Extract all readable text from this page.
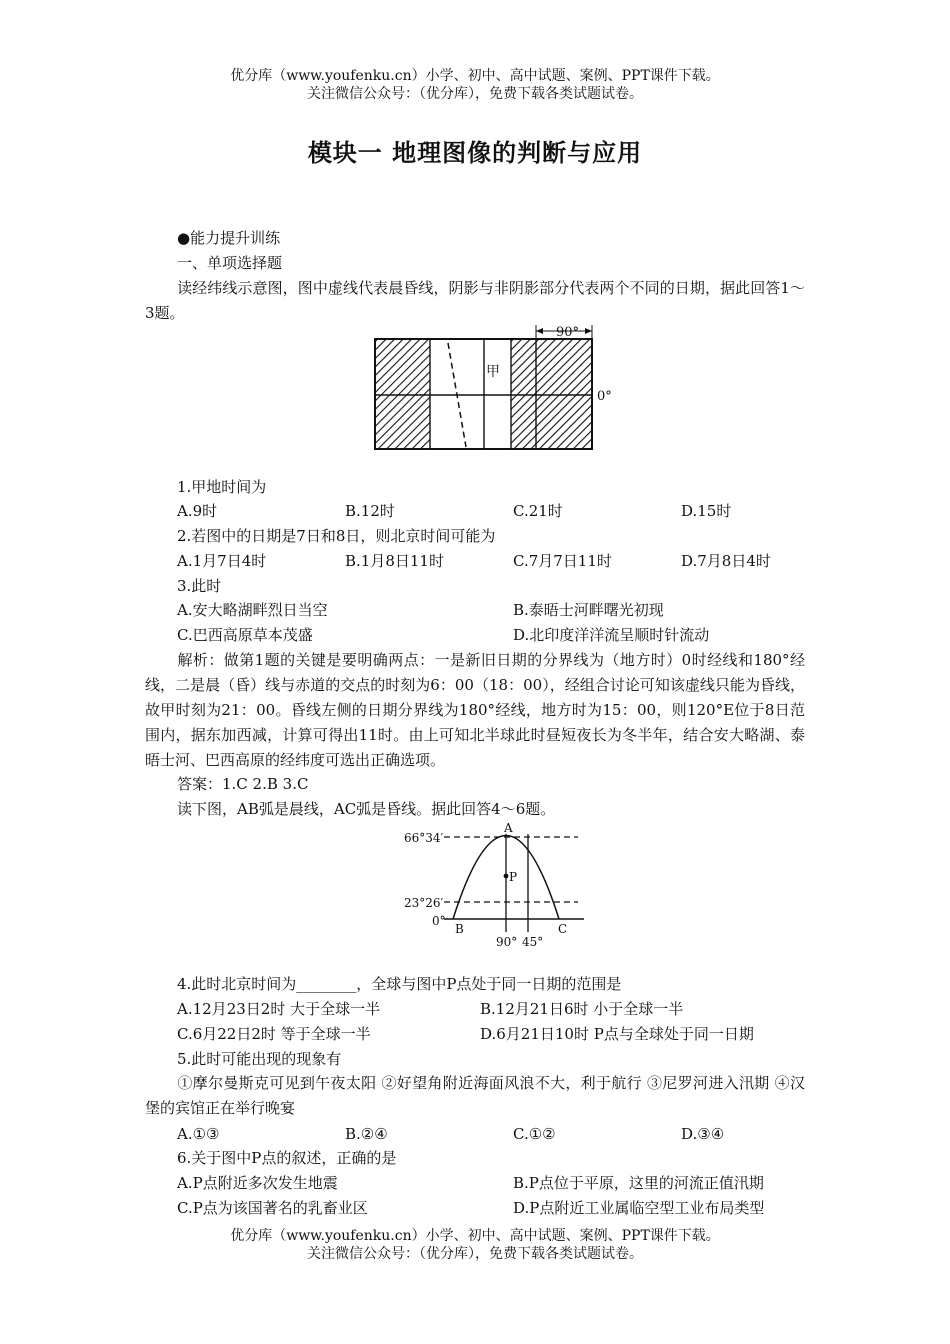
优分库（www.youfenku.cn）小学、初中、高中试题、案例、PPT课件下载。
关注微信公众号：（优分库），免费下载各类试题试卷。
模块一 地理图像的判断与应用
●能力提升训练
一、单项选择题
读经纬线示意图，图中虚线代表晨昏线，阴影与非阴影部分代表两个不同的日期，据此回答1～3题。
90°
甲
0°
1.甲地时间为
A.9时	B.12时	C.21时	D.15时
2.若图中的日期是7日和8日，则北京时间可能为
A.1月7日4时	B.1月8日11时	C.7月7日11时	D.7月8日4时
3.此时
A.安大略湖畔烈日当空	B.泰晤士河畔曙光初现
C.巴西高原草本茂盛	D.北印度洋洋流呈顺时针流动
解析：做第1题的关键是要明确两点：一是新旧日期的分界线为（地方时）0时经线和180°经线，二是晨（昏）线与赤道的交点的时刻为6：00（18：00），经组合讨论可知该虚线只能为昏线，故甲时刻为21：00。昏线左侧的日期分界线为180°经线，地方时为15：00，则120°E位于8日范围内，据东加西减，计算可得出11时。由上可知北半球此时昼短夜长为冬半年，结合安大略湖、泰晤士河、巴西高原的经纬度可选出正确选项。
答案：1.C 2.B 3.C
读下图，AB弧是晨线，AC弧是昏线。据此回答4～6题。
66°34′
23°26′
0°
A
B	C
P
90° 45°
4.此时北京时间为________，全球与图中P点处于同一日期的范围是
A.12月23日2时 大于全球一半	B.12月21日6时 小于全球一半
C.6月22日2时 等于全球一半	D.6月21日10时 P点与全球处于同一日期
5.此时可能出现的现象有
①摩尔曼斯克可见到午夜太阳 ②好望角附近海面风浪不大，利于航行 ③尼罗河进入汛期 ④汉堡的宾馆正在举行晚宴
A.①③	B.②④	C.①②	D.③④
6.关于图中P点的叙述，正确的是
A.P点附近多次发生地震	B.P点位于平原，这里的河流正值汛期
C.P点为该国著名的乳畜业区	D.P点附近工业属临空型工业布局类型
优分库（www.youfenku.cn）小学、初中、高中试题、案例、PPT课件下载。
关注微信公众号：（优分库），免费下载各类试题试卷。
